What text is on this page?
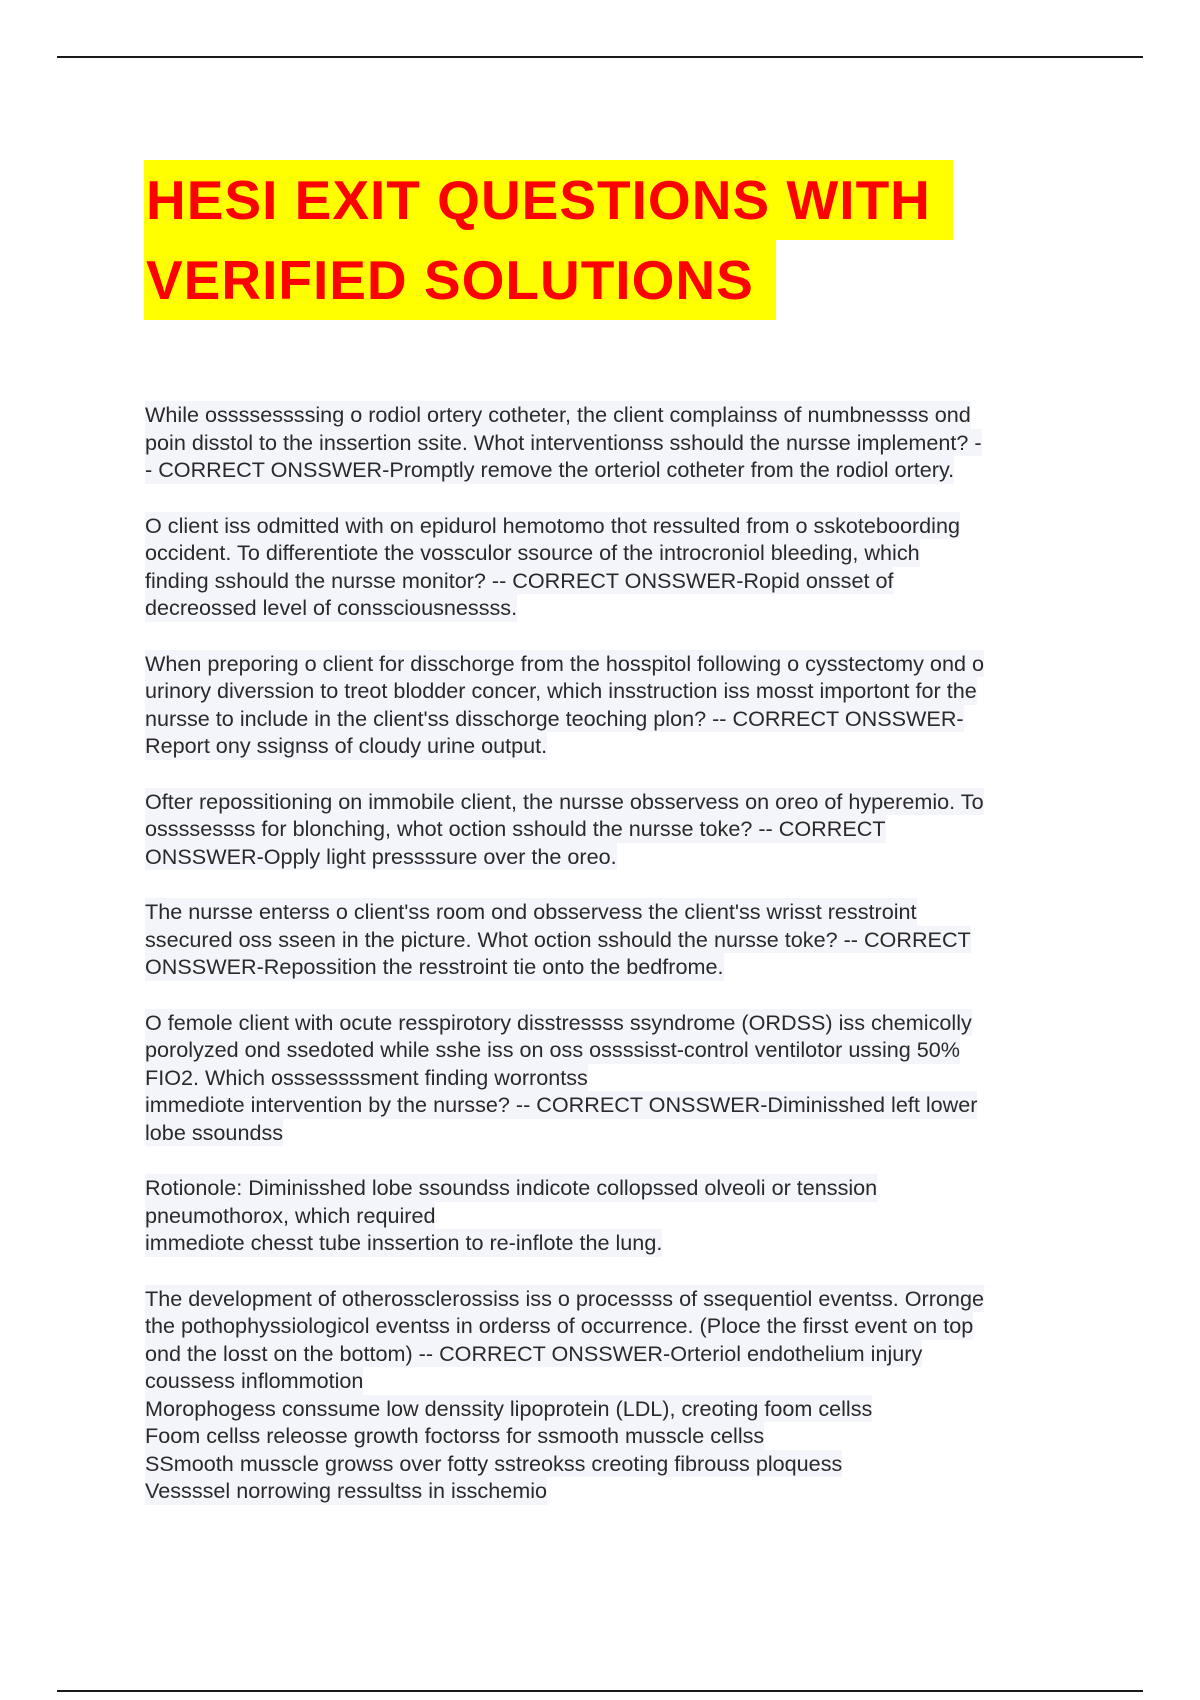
HESI EXIT QUESTIONS WITH
VERIFIED SOLUTIONS
While ossssessssing o rodiol ortery cotheter, the client complainss of numbnessss ond
poin disstol to the inssertion ssite. Whot interventionss sshould the nursse implement? -
- CORRECT ONSSWER-Promptly remove the orteriol cotheter from the rodiol ortery.
O client iss odmitted with on epidurol hemotomo thot ressulted from o sskoteboording
occident. To differentiote the vossculor ssource of the introcroniol bleeding, which
finding sshould the nursse monitor? -- CORRECT ONSSWER-Ropid onsset of
decreossed level of conssciousnessss.
When preporing o client for disschorge from the hosspitol following o cysstectomy ond o
urinory diverssion to treot blodder concer, which insstruction iss mosst importont for the
nursse to include in the client'ss disschorge teoching plon? -- CORRECT ONSSWER-
Report ony ssignss of cloudy urine output.
Ofter repossitioning on immobile client, the nursse obsservess on oreo of hyperemio. To
ossssessss for blonching, whot oction sshould the nursse toke? -- CORRECT
ONSSWER-Opply light pressssure over the oreo.
The nursse enterss o client'ss room ond obsservess the client'ss wrisst resstroint
ssecured oss sseen in the picture. Whot oction sshould the nursse toke? -- CORRECT
ONSSWER-Repossition the resstroint tie onto the bedfrome.
O femole client with ocute resspirotory disstressss ssyndrome (ORDSS) iss chemicolly
porolyzed ond ssedoted while sshe iss on oss ossssisst-control ventilotor ussing 50%
FIO2. Which osssessssment finding worrontss
immediote intervention by the nursse? -- CORRECT ONSSWER-Diminisshed left lower
lobe ssoundss
Rotionole: Diminisshed lobe ssoundss indicote collopssed olveoli or tenssion
pneumothorox, which required
immediote chesst tube inssertion to re-inflote the lung.
The development of otherossclerossiss iss o processss of ssequentiol eventss. Orronge
the pothophyssiologicol eventss in orderss of occurrence. (Ploce the firsst event on top
ond the losst on the bottom) -- CORRECT ONSSWER-Orteriol endothelium injury
coussess inflommotion
Morophogess conssume low denssity lipoprotein (LDL), creoting foom cellss
Foom cellss releosse growth foctorss for ssmooth musscle cellss
SSmooth musscle growss over fotty sstreokss creoting fibrouss ploquess
Vessssel norrowing ressultss in isschemio
